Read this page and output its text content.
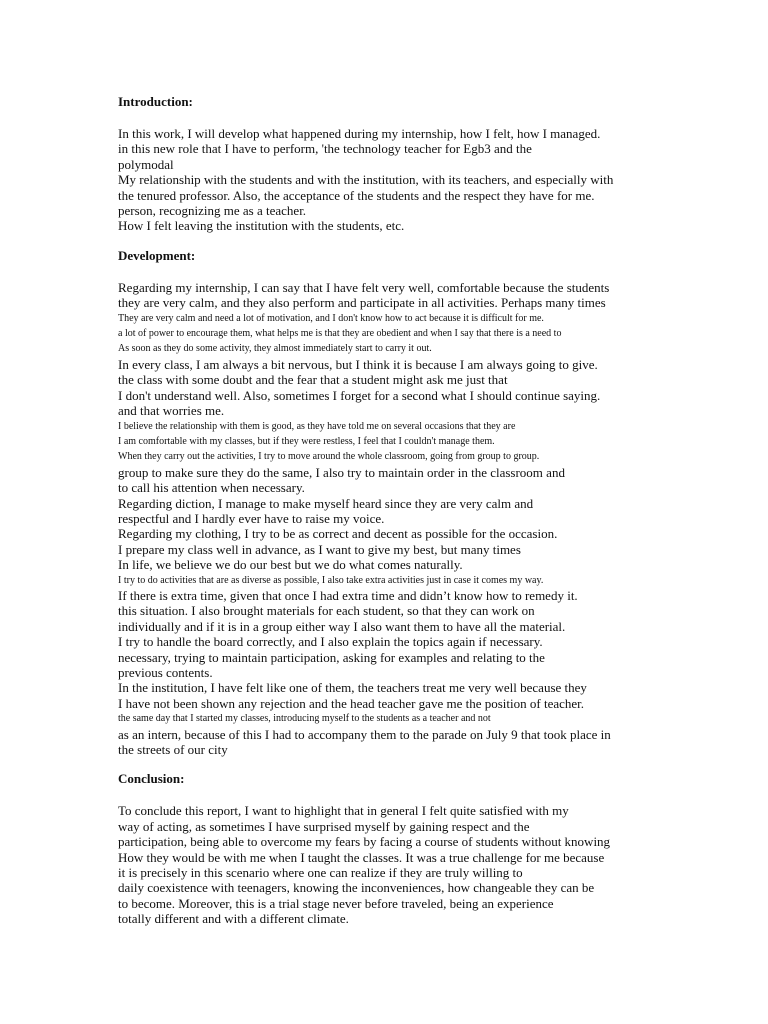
Introduction:
In this work, I will develop what happened during my internship, how I felt, how I managed.
in this new role that I have to perform, 'the technology teacher for Egb3 and the
polymodal
My relationship with the students and with the institution, with its teachers, and especially with
the tenured professor. Also, the acceptance of the students and the respect they have for me.
person, recognizing me as a teacher.
How I felt leaving the institution with the students, etc.
Development:
Regarding my internship, I can say that I have felt very well, comfortable because the students
they are very calm, and they also perform and participate in all activities. Perhaps many times
They are very calm and need a lot of motivation, and I don't know how to act because it is difficult for me.
a lot of power to encourage them, what helps me is that they are obedient and when I say that there is a need to
As soon as they do some activity, they almost immediately start to carry it out.
In every class, I am always a bit nervous, but I think it is because I am always going to give.
the class with some doubt and the fear that a student might ask me just that
I don't understand well. Also, sometimes I forget for a second what I should continue saying.
and that worries me.
I believe the relationship with them is good, as they have told me on several occasions that they are
I am comfortable with my classes, but if they were restless, I feel that I couldn't manage them.
When they carry out the activities, I try to move around the whole classroom, going from group to group.
group to make sure they do the same, I also try to maintain order in the classroom and
to call his attention when necessary.
Regarding diction, I manage to make myself heard since they are very calm and
respectful and I hardly ever have to raise my voice.
Regarding my clothing, I try to be as correct and decent as possible for the occasion.
I prepare my class well in advance, as I want to give my best, but many times
In life, we believe we do our best but we do what comes naturally.
I try to do activities that are as diverse as possible, I also take extra activities just in case it comes my way.
If there is extra time, given that once I had extra time and didn’t know how to remedy it.
this situation. I also brought materials for each student, so that they can work on
individually and if it is in a group either way I also want them to have all the material.
I try to handle the board correctly, and I also explain the topics again if necessary.
necessary, trying to maintain participation, asking for examples and relating to the
previous contents.
In the institution, I have felt like one of them, the teachers treat me very well because they
I have not been shown any rejection and the head teacher gave me the position of teacher.
the same day that I started my classes, introducing myself to the students as a teacher and not
as an intern, because of this I had to accompany them to the parade on July 9 that took place in
the streets of our city
Conclusion:
To conclude this report, I want to highlight that in general I felt quite satisfied with my
way of acting, as sometimes I have surprised myself by gaining respect and the
participation, being able to overcome my fears by facing a course of students without knowing
How they would be with me when I taught the classes. It was a true challenge for me because
it is precisely in this scenario where one can realize if they are truly willing to
daily coexistence with teenagers, knowing the inconveniences, how changeable they can be
to become. Moreover, this is a trial stage never before traveled, being an experience
totally different and with a different climate.
